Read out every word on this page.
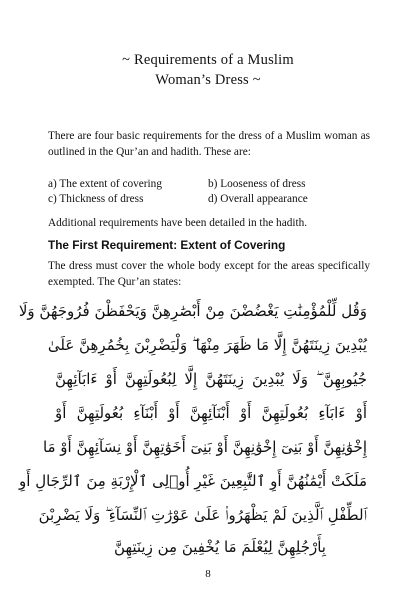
~ Requirements of a Muslim
Woman’s Dress ~
There are four basic requirements for the dress of a Muslim woman as outlined in the Qur’an and hadith. These are:
a) The extent of covering	b) Looseness of dress
c) Thickness of dress	d) Overall appearance
Additional requirements have been detailed in the hadith.
The First Requirement: Extent of Covering
The dress must cover the whole body except for the areas specifically exempted. The Qur’an states:
وَقُل لِّلْمُؤْمِنَٰتِ يَغْضُضْنَ مِنْ أَبْصَٰرِهِنَّ وَيَحْفَظْنَ فُرُوجَهُنَّ وَلَا
يُبْدِينَ زِينَتَهُنَّ إِلَّا مَا ظَهَرَ مِنْهَا ۖ وَلْيَضْرِبْنَ بِخُمُرِهِنَّ عَلَىٰ
جُيُوبِهِنَّ ۖ وَلَا يُبْدِينَ زِينَتَهُنَّ إِلَّا لِبُعُولَتِهِنَّ أَوْ ءَابَآئِهِنَّ
أَوْ ءَابَآءِ بُعُولَتِهِنَّ أَوْ أَبْنَآئِهِنَّ أَوْ أَبْنَآءِ بُعُولَتِهِنَّ أَوْ
إِخْوَٰنِهِنَّ أَوْ بَنِىٓ إِخْوَٰنِهِنَّ أَوْ بَنِىٓ أَخَوَٰتِهِنَّ أَوْ نِسَآئِهِنَّ أَوْ مَا
مَلَكَتْ أَيْمَٰنُهُنَّ أَوِ ٱلتَّٰبِعِينَ غَيْرِ أُو۟لِى ٱلْإِرْبَةِ مِنَ ٱلرِّجَالِ أَوِ
ٱلطِّفْلِ ٱلَّذِينَ لَمْ يَظْهَرُوا۟ عَلَىٰ عَوْرَٰتِ ٱلنِّسَآءِ ۖ وَلَا يَضْرِبْنَ
بِأَرْجُلِهِنَّ لِيُعْلَمَ مَا يُخْفِينَ مِن زِينَتِهِنَّ
8
